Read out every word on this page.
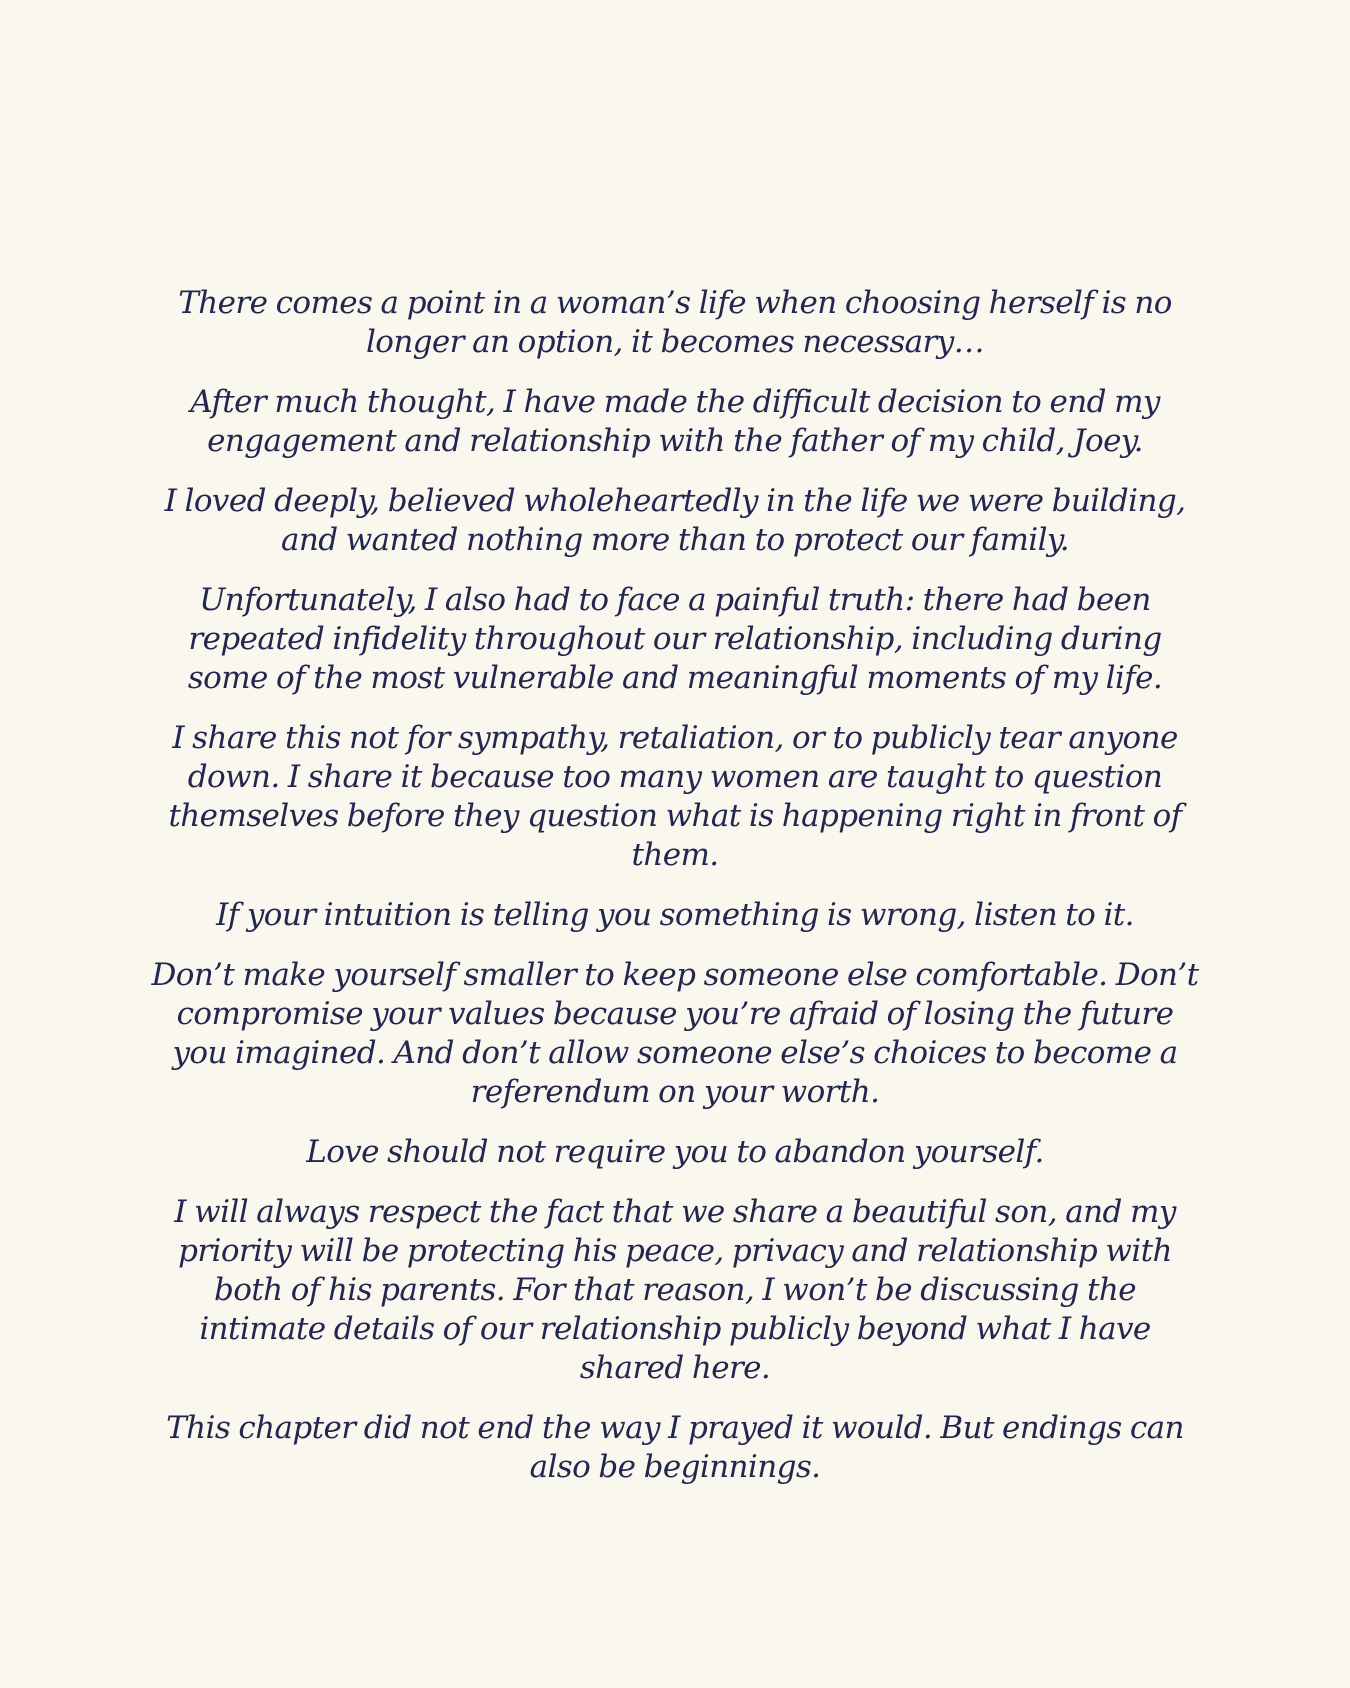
There comes a point in a woman’s life when choosing herself is no longer an option, it becomes necessary…

After much thought, I have made the difficult decision to end my engagement and relationship with the father of my child, Joey.

I loved deeply, believed wholeheartedly in the life we were building, and wanted nothing more than to protect our family.

Unfortunately, I also had to face a painful truth: there had been repeated infidelity throughout our relationship, including during some of the most vulnerable and meaningful moments of my life.

I share this not for sympathy, retaliation, or to publicly tear anyone down. I share it because too many women are taught to question themselves before they question what is happening right in front of them.

If your intuition is telling you something is wrong, listen to it.

Don’t make yourself smaller to keep someone else comfortable. Don’t compromise your values because you’re afraid of losing the future you imagined. And don’t allow someone else’s choices to become a referendum on your worth.

Love should not require you to abandon yourself.

I will always respect the fact that we share a beautiful son, and my priority will be protecting his peace, privacy and relationship with both of his parents. For that reason, I won’t be discussing the intimate details of our relationship publicly beyond what I have shared here.

This chapter did not end the way I prayed it would. But endings can also be beginnings.
